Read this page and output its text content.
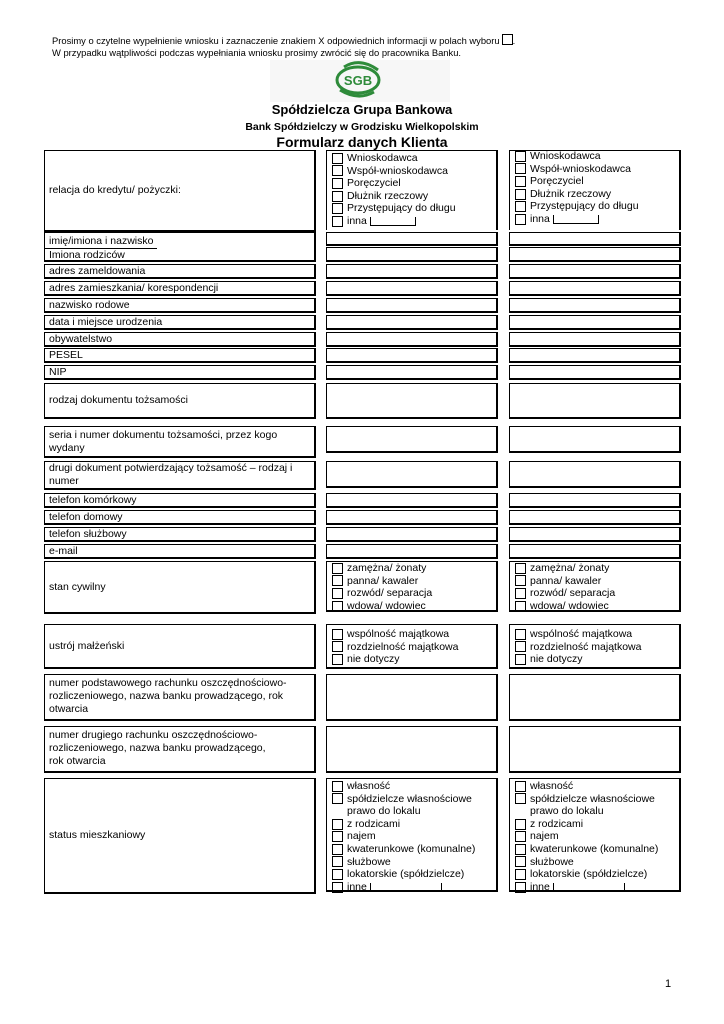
Prosimy o czytelne wypełnienie wniosku i zaznaczenie znakiem X odpowiednich informacji w polach wyboru .
W przypadku wątpliwości podczas wypełniania wniosku prosimy zwrócić się do pracownika Banku.
SGB
Spółdzielcza Grupa Bankowa
Bank Spółdzielczy w Grodzisku Wielkopolskim
Formularz danych Klienta
relacja do kredytu/ pożyczki:
Wnioskodawca
Współ-wnioskodawca
Poręczyciel
Dłużnik rzeczowy
Przystępujący do długu
inna
Wnioskodawca
Współ-wnioskodawca
Poręczyciel
Dłużnik rzeczowy
Przystępujący do długu
inna
imię/imiona i nazwisko
Imiona rodziców
adres zameldowania
adres zamieszkania/ korespondencji
nazwisko rodowe
data i miejsce urodzenia
obywatelstwo
PESEL
NIP
rodzaj dokumentu tożsamości
seria i numer dokumentu tożsamości, przez kogo wydany
drugi dokument potwierdzający tożsamość – rodzaj i numer
telefon komórkowy
telefon domowy
telefon służbowy
e-mail
stan cywilny
zamężna/ żonaty
panna/ kawaler
rozwód/ separacja
wdowa/ wdowiec
zamężna/ żonaty
panna/ kawaler
rozwód/ separacja
wdowa/ wdowiec
ustrój małżeński
wspólność majątkowa
rozdzielność majątkowa
nie dotyczy
wspólność majątkowa
rozdzielność majątkowa
nie dotyczy
numer podstawowego rachunku oszczędnościowo-rozliczeniowego, nazwa banku prowadzącego, rok otwarcia
numer drugiego rachunku oszczędnościowo-rozliczeniowego, nazwa banku prowadzącego,
rok otwarcia
status mieszkaniowy
własność
spółdzielcze własnościowe
prawo do lokalu
z rodzicami
najem
kwaterunkowe (komunalne)
służbowe
lokatorskie (spółdzielcze)
inne
własność
spółdzielcze własnościowe
prawo do lokalu
z rodzicami
najem
kwaterunkowe (komunalne)
służbowe
lokatorskie (spółdzielcze)
inne
1
